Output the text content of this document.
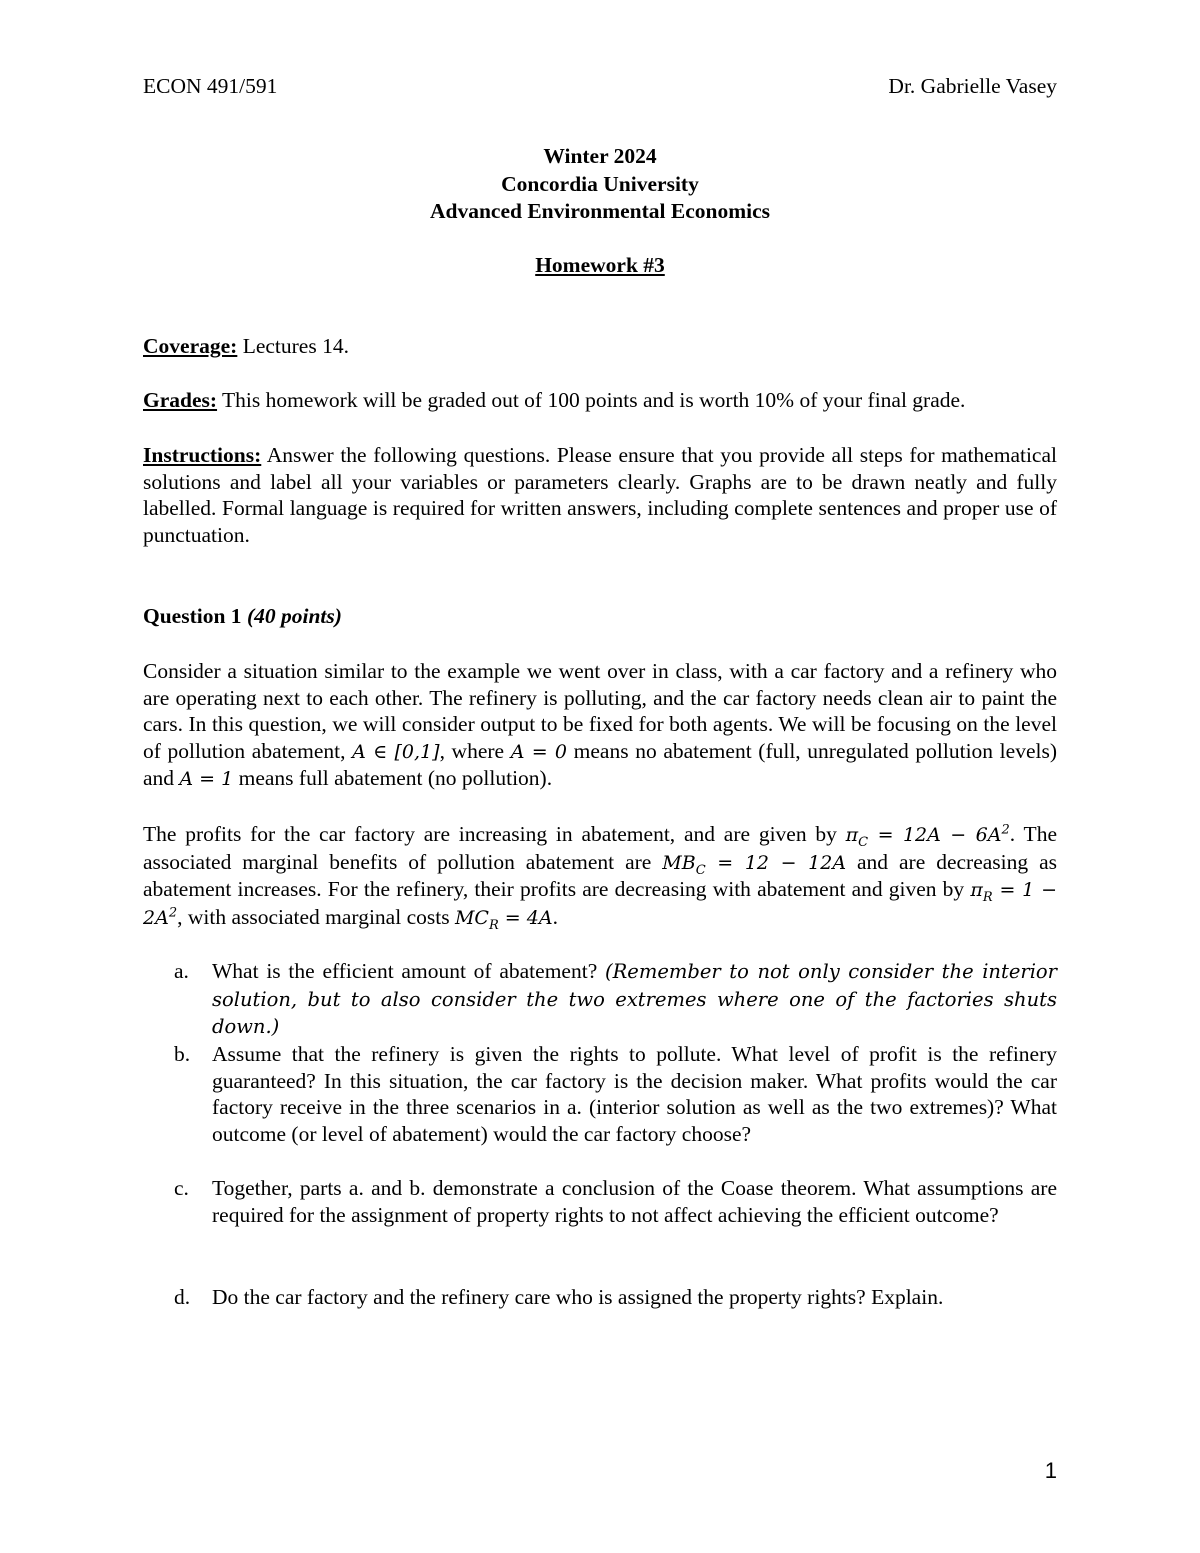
ECON 491/591	Dr. Gabrielle Vasey
Winter 2024
Concordia University
Advanced Environmental Economics
Homework #3
Coverage: Lectures 14.
Grades: This homework will be graded out of 100 points and is worth 10% of your final grade.
Instructions: Answer the following questions. Please ensure that you provide all steps for mathematical solutions and label all your variables or parameters clearly. Graphs are to be drawn neatly and fully labelled. Formal language is required for written answers, including complete sentences and proper use of punctuation.
Question 1 (40 points)
Consider a situation similar to the example we went over in class, with a car factory and a refinery who are operating next to each other. The refinery is polluting, and the car factory needs clean air to paint the cars. In this question, we will consider output to be fixed for both agents. We will be focusing on the level of pollution abatement, A ∈ [0,1], where A = 0 means no abatement (full, unregulated pollution levels) and A = 1 means full abatement (no pollution).
The profits for the car factory are increasing in abatement, and are given by $\pi_C = 12A - 6A^2$. The associated marginal benefits of pollution abatement are $MB_C = 12 - 12A$ and are decreasing as abatement increases. For the refinery, their profits are decreasing with abatement and given by $\pi_R = 1 - 2A^2$, with associated marginal costs $MC_R = 4A$.
a.	What is the efficient amount of abatement? (Remember to not only consider the interior solution, but to also consider the two extremes where one of the factories shuts down.)
b.	Assume that the refinery is given the rights to pollute. What level of profit is the refinery guaranteed? In this situation, the car factory is the decision maker. What profits would the car factory receive in the three scenarios in a. (interior solution as well as the two extremes)? What outcome (or level of abatement) would the car factory choose?
c.	Together, parts a. and b. demonstrate a conclusion of the Coase theorem. What assumptions are required for the assignment of property rights to not affect achieving the efficient outcome?
d.	Do the car factory and the refinery care who is assigned the property rights? Explain.
1
